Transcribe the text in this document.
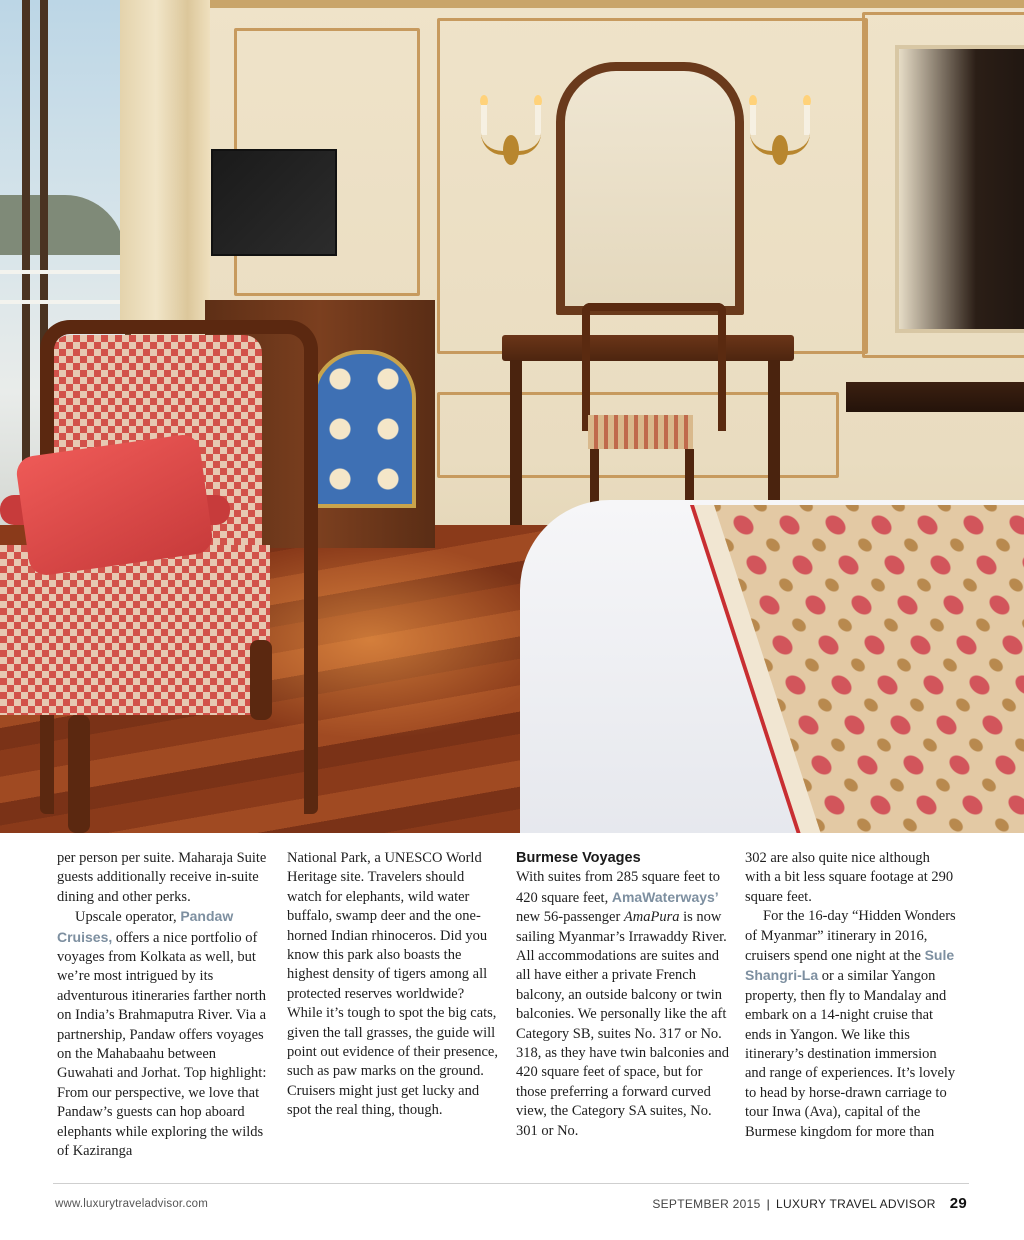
per person per suite. Maharaja Suite guests additionally receive in-suite dining and other perks.

Upscale operator, Pandaw Cruises, offers a nice portfolio of voyages from Kolkata as well, but we’re most intrigued by its adventurous itineraries farther north on India’s Brahmaputra River. Via a partnership, Pandaw offers voyages on the Mahabaahu between Guwahati and Jorhat. Top highlight: From our perspective, we love that Pandaw’s guests can hop aboard elephants while exploring the wilds of Kaziranga

National Park, a UNESCO World Heritage site. Travelers should watch for elephants, wild water buffalo, swamp deer and the one-horned Indian rhinoceros. Did you know this park also boasts the highest density of tigers among all protected reserves worldwide? While it’s tough to spot the big cats, given the tall grasses, the guide will point out evidence of their presence, such as paw marks on the ground. Cruisers might just get lucky and spot the real thing, though.

Burmese Voyages

With suites from 285 square feet to 420 square feet, AmaWaterways’ new 56-passenger AmaPura is now sailing Myanmar’s Irrawaddy River. All accommodations are suites and all have either a private French balcony, an outside balcony or twin balconies. We personally like the aft Category SB, suites No. 317 or No. 318, as they have twin balconies and 420 square feet of space, but for those preferring a forward curved view, the Category SA suites, No. 301 or No.

302 are also quite nice although with a bit less square footage at 290 square feet.

For the 16-day “Hidden Wonders of Myanmar” itinerary in 2016, cruisers spend one night at the Sule Shangri-La or a similar Yangon property, then fly to Mandalay and embark on a 14-night cruise that ends in Yangon. We like this itinerary’s destination immersion and range of experiences. It’s lovely to head by horse-drawn carriage to tour Inwa (Ava), capital of the Burmese kingdom for more than

www.luxurytraveladvisor.com	SEPTEMBER 2015 | LUXURY TRAVEL ADVISOR 29
